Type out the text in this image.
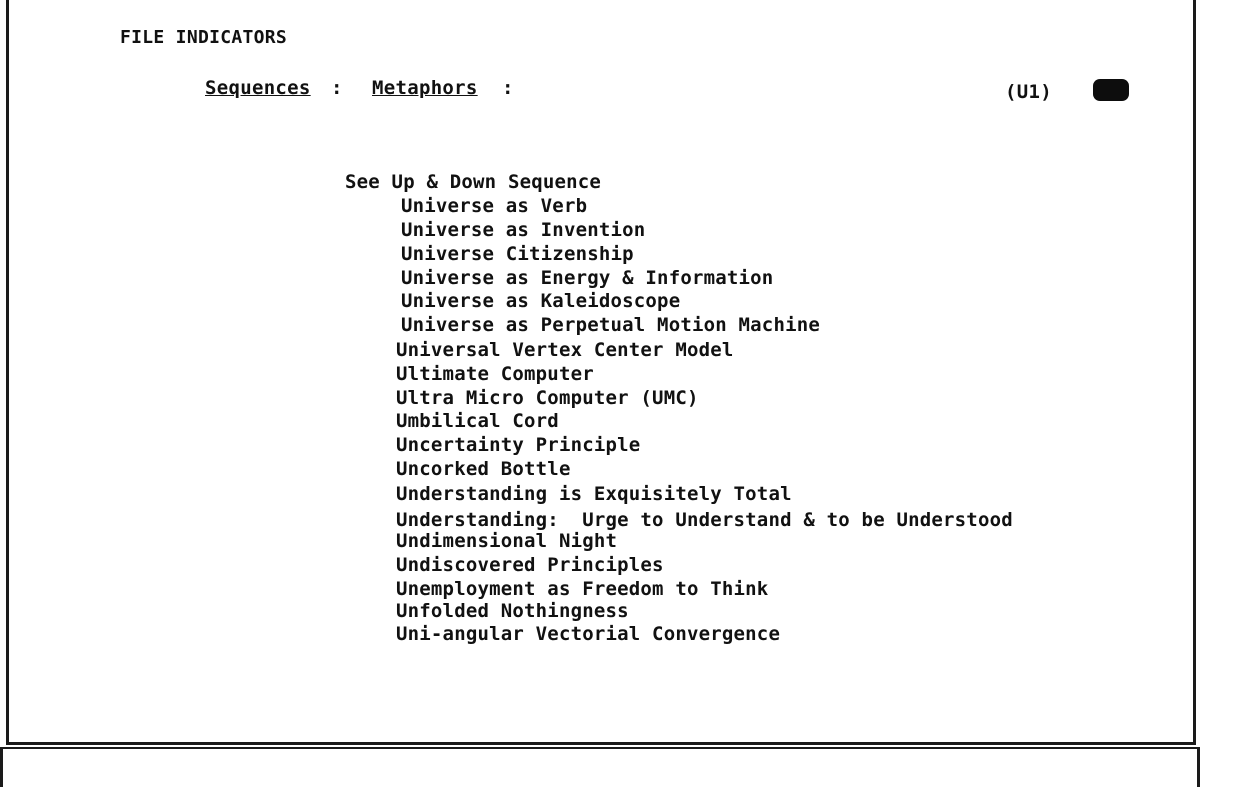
FILE INDICATORS
Sequences : Metaphors :	(U1)
See Up & Down Sequence
Universe as Verb
Universe as Invention
Universe Citizenship
Universe as Energy & Information
Universe as Kaleidoscope
Universe as Perpetual Motion Machine
Universal Vertex Center Model
Ultimate Computer
Ultra Micro Computer (UMC)
Umbilical Cord
Uncertainty Principle
Uncorked Bottle
Understanding is Exquisitely Total
Understanding:  Urge to Understand & to be Understood
Undimensional Night
Undiscovered Principles
Unemployment as Freedom to Think
Unfolded Nothingness
Uni-angular Vectorial Convergence
